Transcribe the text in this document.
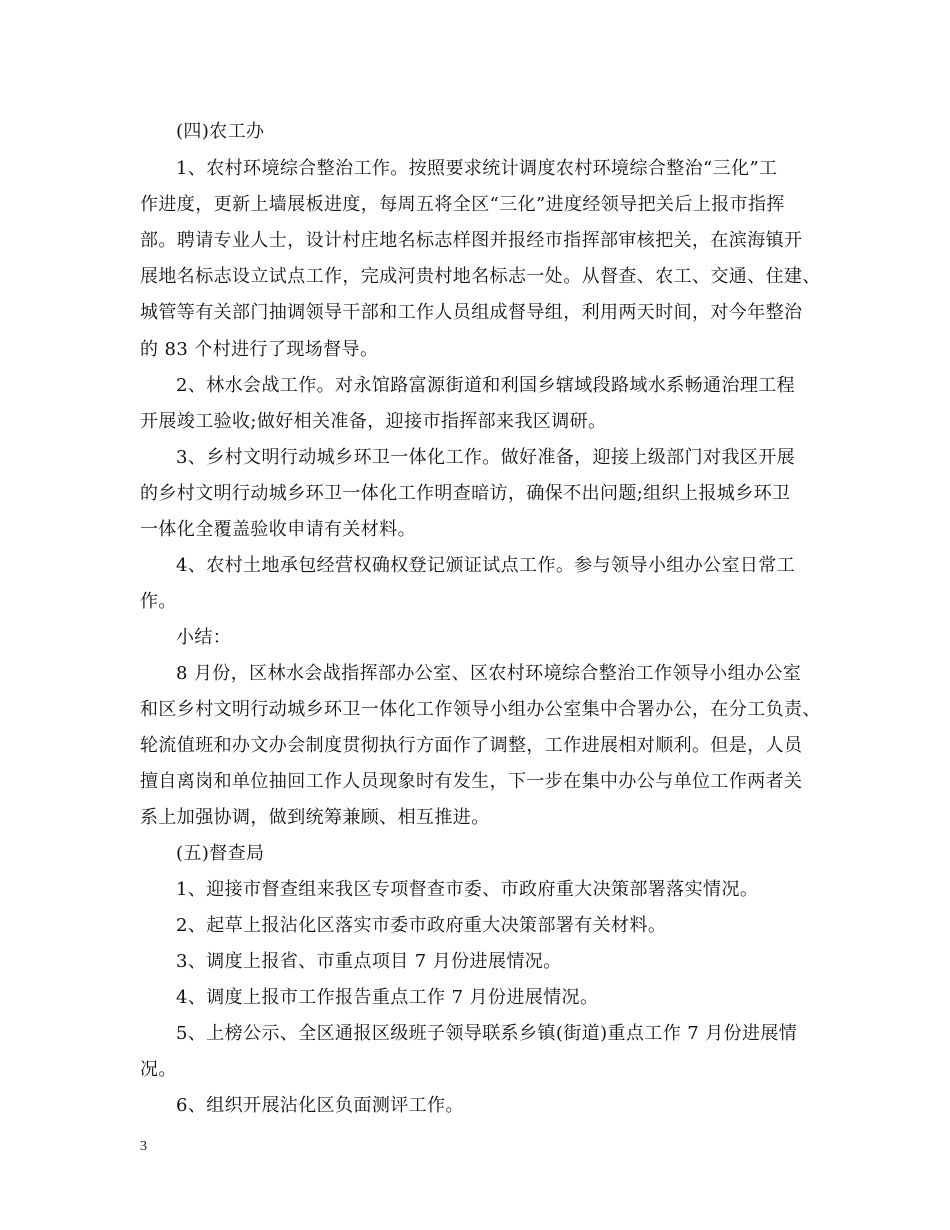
(四)农工办
1、农村环境综合整治工作。按照要求统计调度农村环境综合整治“三化”工
作进度，更新上墙展板进度，每周五将全区“三化”进度经领导把关后上报市指挥
部。聘请专业人士，设计村庄地名标志样图并报经市指挥部审核把关，在滨海镇开
展地名标志设立试点工作，完成河贵村地名标志一处。从督查、农工、交通、住建、
城管等有关部门抽调领导干部和工作人员组成督导组，利用两天时间，对今年整治
的 83 个村进行了现场督导。
2、林水会战工作。对永馆路富源街道和利国乡辖域段路域水系畅通治理工程
开展竣工验收;做好相关准备，迎接市指挥部来我区调研。
3、乡村文明行动城乡环卫一体化工作。做好准备，迎接上级部门对我区开展
的乡村文明行动城乡环卫一体化工作明查暗访，确保不出问题;组织上报城乡环卫
一体化全覆盖验收申请有关材料。
4、农村土地承包经营权确权登记颁证试点工作。参与领导小组办公室日常工
作。
小结：
8 月份，区林水会战指挥部办公室、区农村环境综合整治工作领导小组办公室
和区乡村文明行动城乡环卫一体化工作领导小组办公室集中合署办公，在分工负责、
轮流值班和办文办会制度贯彻执行方面作了调整，工作进展相对顺利。但是，人员
擅自离岗和单位抽回工作人员现象时有发生，下一步在集中办公与单位工作两者关
系上加强协调，做到统筹兼顾、相互推进。
(五)督查局
1、迎接市督查组来我区专项督查市委、市政府重大决策部署落实情况。
2、起草上报沾化区落实市委市政府重大决策部署有关材料。
3、调度上报省、市重点项目 7 月份进展情况。
4、调度上报市工作报告重点工作 7 月份进展情况。
5、上榜公示、全区通报区级班子领导联系乡镇(街道)重点工作 7 月份进展情
况。
6、组织开展沾化区负面测评工作。
3
